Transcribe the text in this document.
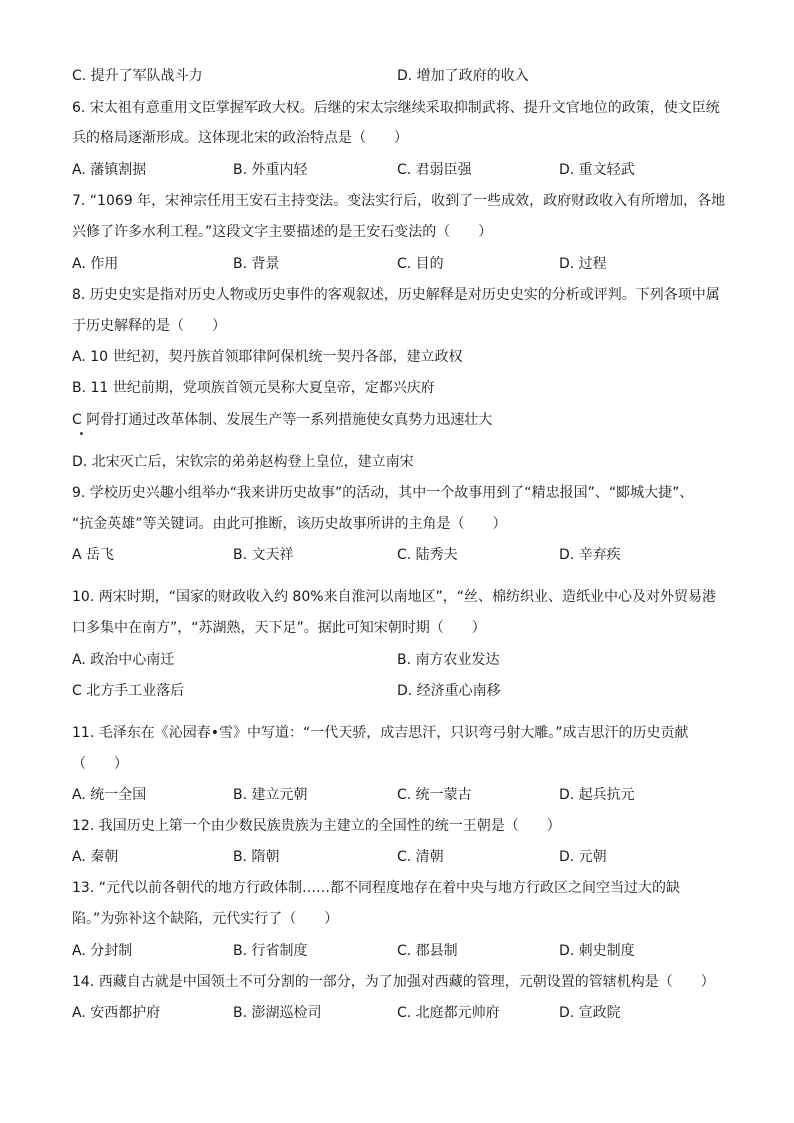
C. 提升了军队战斗力	D. 增加了政府的收入
6. 宋太祖有意重用文臣掌握军政大权。后继的宋太宗继续采取抑制武将、提升文官地位的政策，使文臣统
兵的格局逐渐形成。这体现北宋的政治特点是（　　）
A. 藩镇割据	B. 外重内轻	C. 君弱臣强	D. 重文轻武
7. “1069 年，宋神宗任用王安石主持变法。变法实行后，收到了一些成效，政府财政收入有所增加，各地
兴修了许多水利工程。”这段文字主要描述的是王安石变法的（　　）
A. 作用	B. 背景	C. 目的	D. 过程
8. 历史史实是指对历史人物或历史事件的客观叙述，历史解释是对历史史实的分析或评判。下列各项中属
于历史解释的是（　　）
A. 10 世纪初，契丹族首领耶律阿保机统一契丹各部，建立政权
B. 11 世纪前期，党项族首领元昊称大夏皇帝，定都兴庆府
C 阿骨打通过改革体制、发展生产等一系列措施使女真势力迅速壮大
D. 北宋灭亡后，宋钦宗的弟弟赵构登上皇位，建立南宋
9. 学校历史兴趣小组举办“我来讲历史故事”的活动，其中一个故事用到了“精忠报国”、“郾城大捷”、
“抗金英雄”等关键词。由此可推断，该历史故事所讲的主角是（　　）
A 岳飞	B. 文天祥	C. 陆秀夫	D. 辛弃疾
10. 两宋时期，“国家的财政收入约 80%来自淮河以南地区”，“丝、棉纺织业、造纸业中心及对外贸易港
口多集中在南方”，“苏湖熟，天下足”。据此可知宋朝时期（　　）
A. 政治中心南迁	B. 南方农业发达
C 北方手工业落后	D. 经济重心南移
11. 毛泽东在《沁园春•雪》中写道：“一代天骄，成吉思汗，只识弯弓射大雕。”成吉思汗的历史贡献
（　　）
A. 统一全国	B. 建立元朝	C. 统一蒙古	D. 起兵抗元
12. 我国历史上第一个由少数民族贵族为主建立的全国性的统一王朝是（　　）
A. 秦朝	B. 隋朝	C. 清朝	D. 元朝
13. “元代以前各朝代的地方行政体制……都不同程度地存在着中央与地方行政区之间空当过大的缺
陷。”为弥补这个缺陷，元代实行了（　　）
A. 分封制	B. 行省制度	C. 郡县制	D. 刺史制度
14. 西藏自古就是中国领土不可分割的一部分，为了加强对西藏的管理，元朝设置的管辖机构是（　　）
A. 安西都护府	B. 澎湖巡检司	C. 北庭都元帅府	D. 宣政院
